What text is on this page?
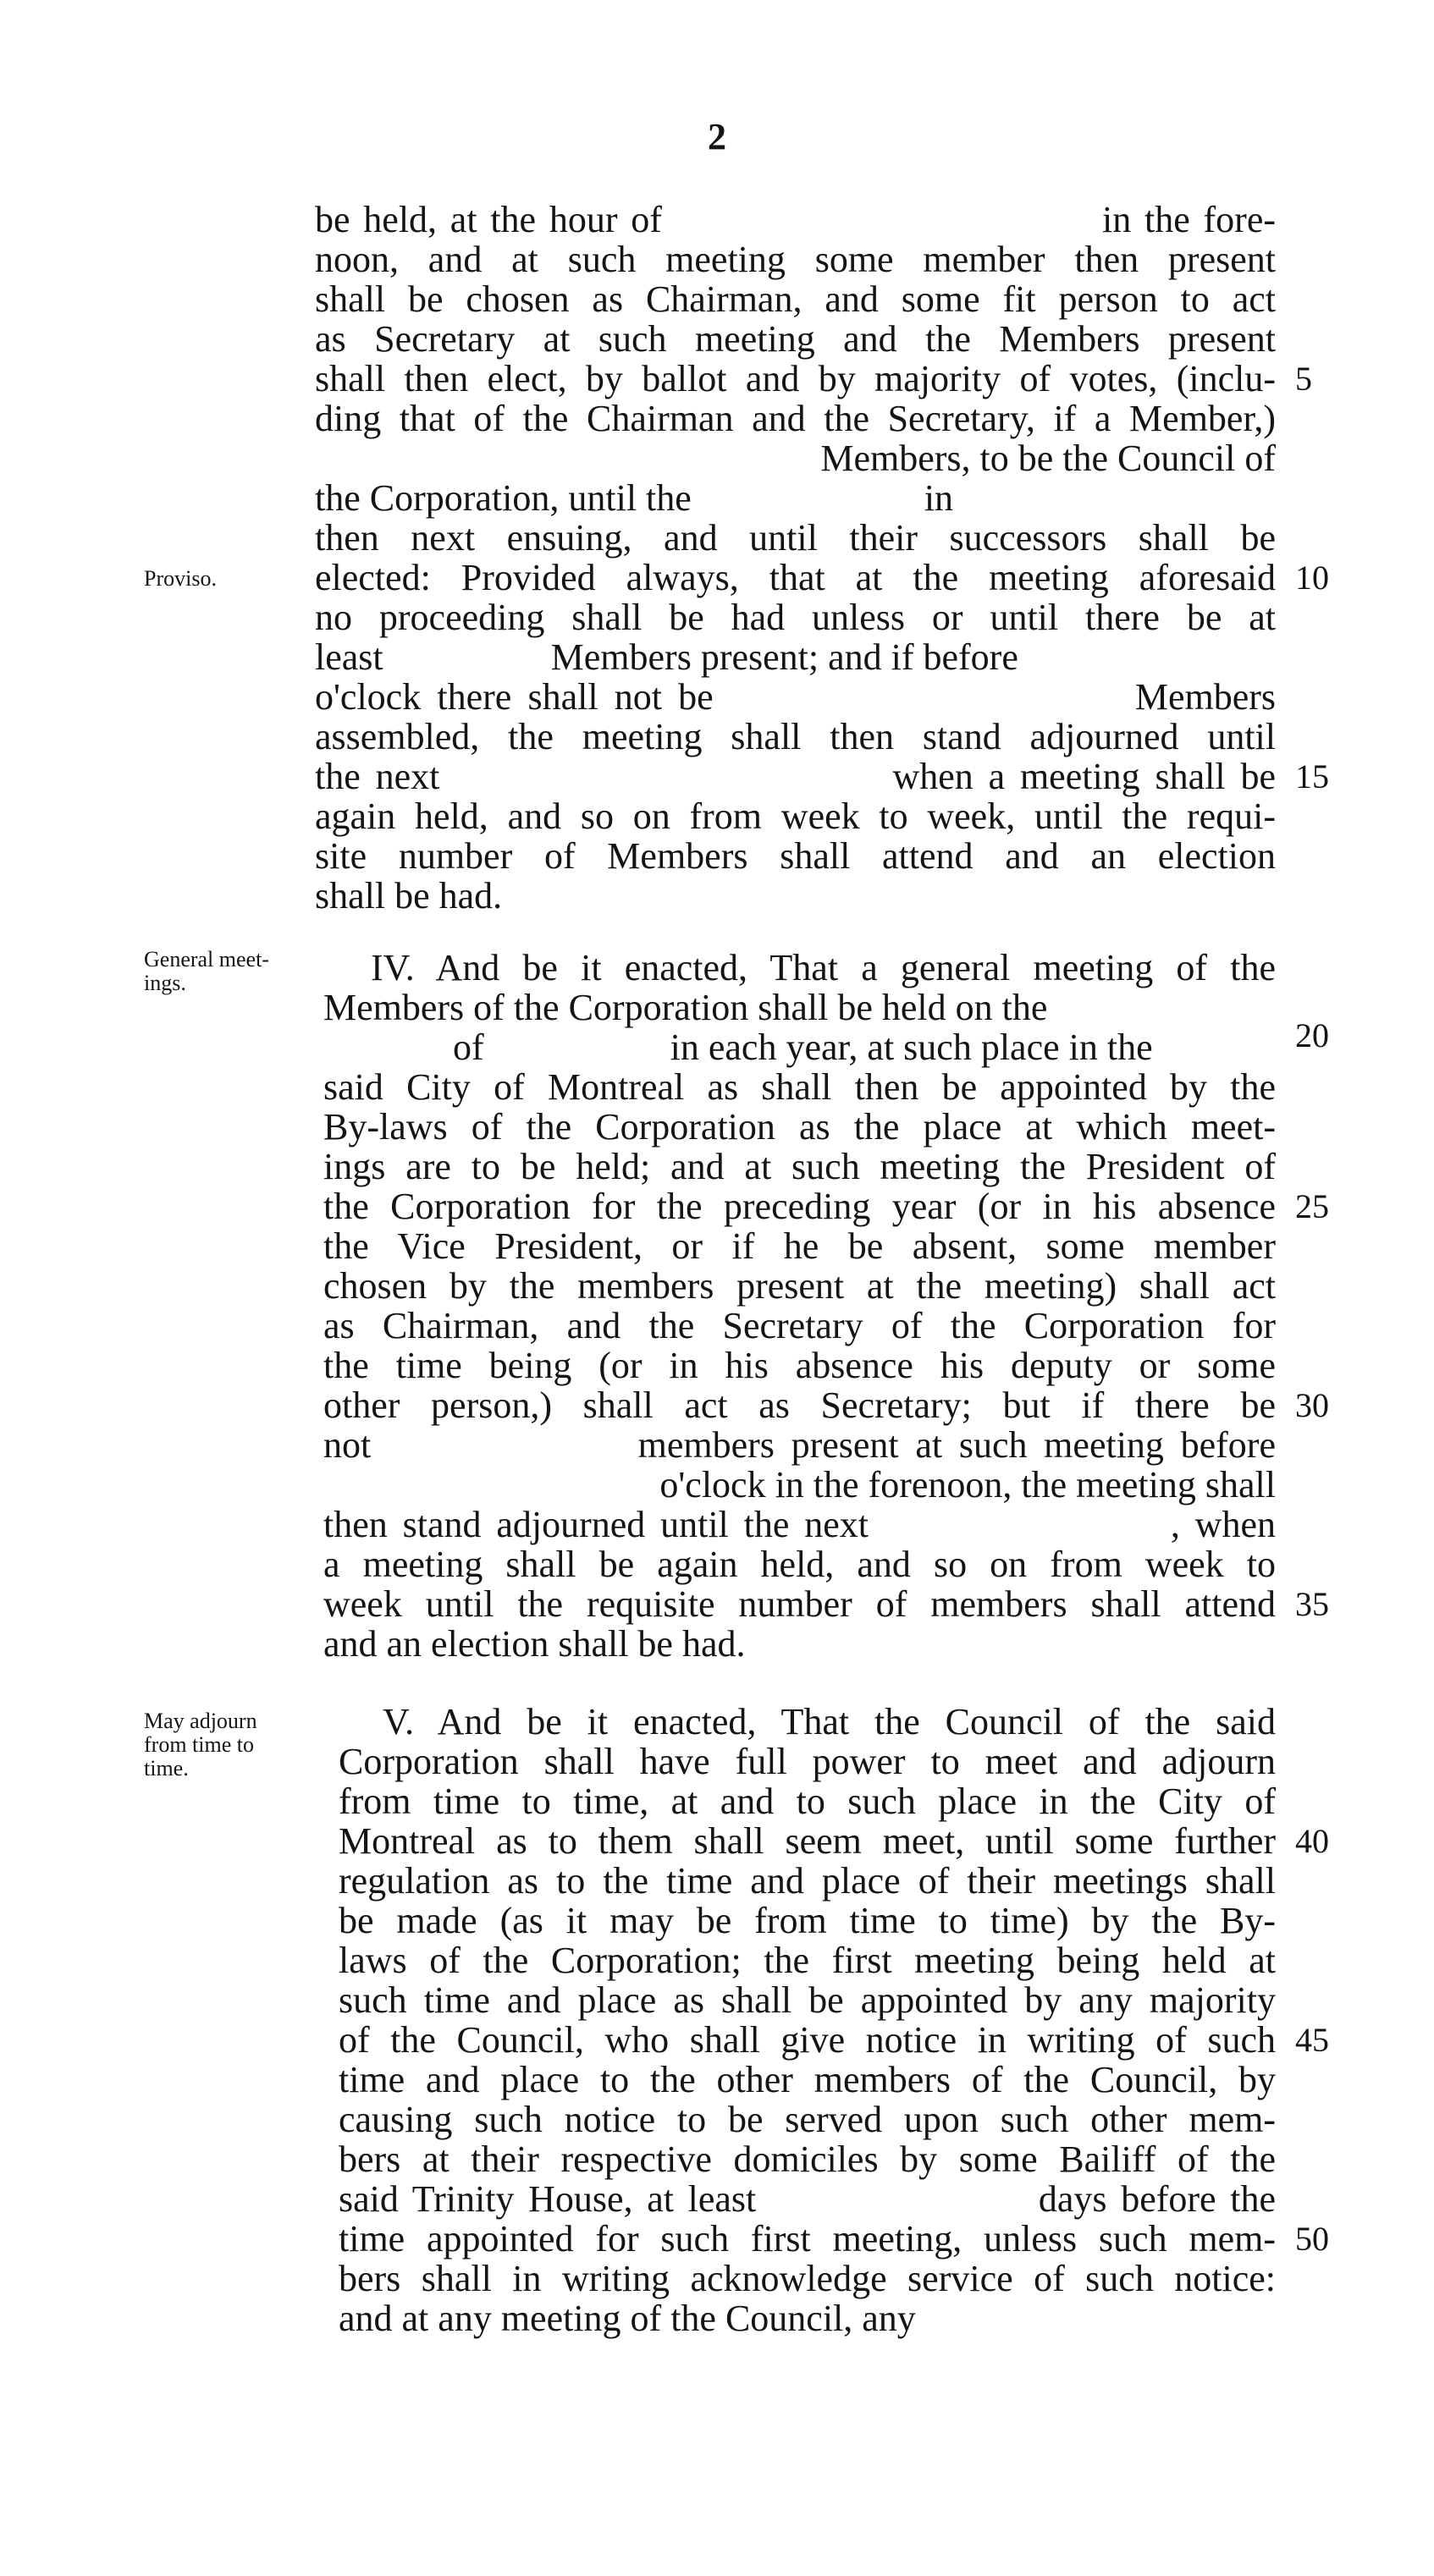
2
be held, at the hour of                                 in the fore-
noon, and at such meeting some member then present
shall be chosen as Chairman, and some fit person to act
as Secretary at such meeting and the Members present
shall then elect, by ballot and by majority of votes, (inclu-
ding that of the Chairman and the Secretary, if a Member,)
Members, to be the Council of
the Corporation, until the                         in
then next ensuing, and until their successors shall be
elected: Provided always, that at the meeting aforesaid
no proceeding shall be had unless or until there be at
least                  Members present; and if before
o'clock there shall not be                          Members
assembled, the meeting shall then stand adjourned until
the next                              when a meeting shall be
again held, and so on from week to week, until the requi-
site number of Members shall attend and an election
shall be had.
IV. And be it enacted, That a general meeting of the
Members of the Corporation shall be held on the
of                    in each year, at such place in the
said City of Montreal as shall then be appointed by the
By-laws of the Corporation as the place at which meet-
ings are to be held; and at such meeting the President of
the Corporation for the preceding year (or in his absence
the Vice President, or if he be absent, some member
chosen by the members present at the meeting) shall act
as Chairman, and the Secretary of the Corporation for
the time being (or in his absence his deputy or some
other person,) shall act as Secretary; but if there be
not                members present at such meeting before
o'clock in the forenoon, the meeting shall
then stand adjourned until the next                    , when
a meeting shall be again held, and so on from week to
week until the requisite number of members shall attend
and an election shall be had.
V. And be it enacted, That the Council of the said
Corporation shall have full power to meet and adjourn
from time to time, at and to such place in the City of
Montreal as to them shall seem meet, until some further
regulation as to the time and place of their meetings shall
be made (as it may be from time to time) by the By-
laws of the Corporation; the first meeting being held at
such time and place as shall be appointed by any majority
of the Council, who shall give notice in writing of such
time and place to the other members of the Council, by
causing such notice to be served upon such other mem-
bers at their respective domiciles by some Bailiff of the
said Trinity House, at least                    days before the
time appointed for such first meeting, unless such mem-
bers shall in writing acknowledge service of such notice:
and at any meeting of the Council, any
5
10
15
20
25
30
35
40
45
50
Proviso.
General meet-
ings.
May adjourn
from time to
time.
